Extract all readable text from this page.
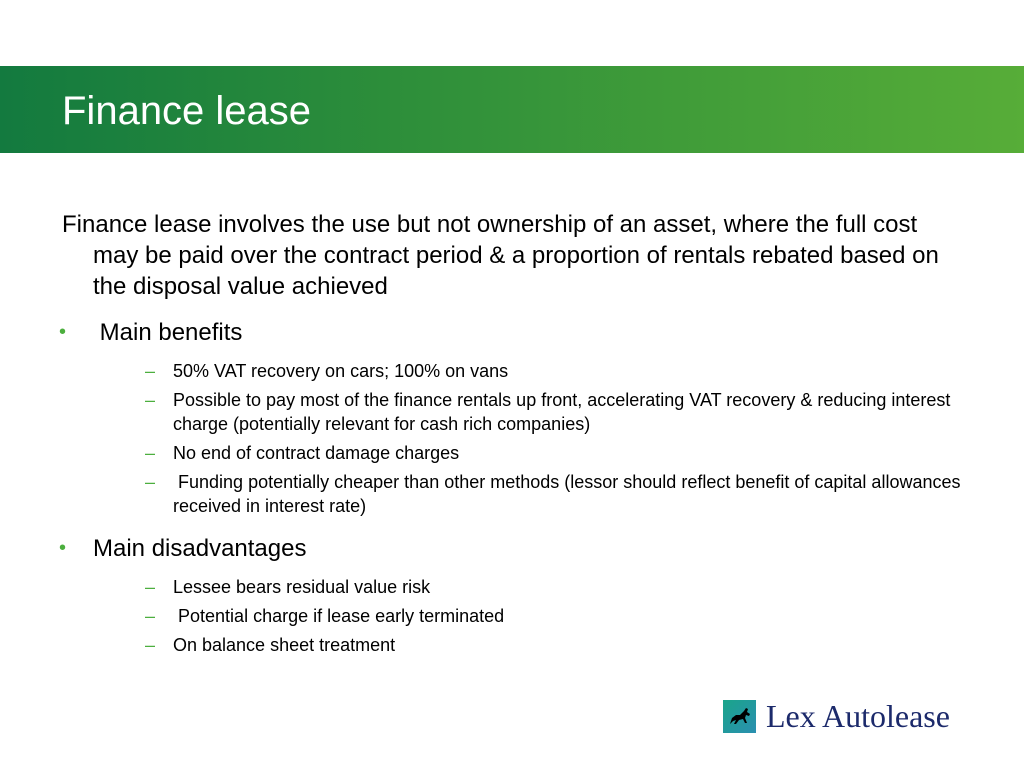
Finance lease

Finance lease involves the use but not ownership of an asset, where the full cost may be paid over the contract period & a proportion of rentals rebated based on the disposal value achieved

• Main benefits
– 50% VAT recovery on cars; 100% on vans
– Possible to pay most of the finance rentals up front, accelerating VAT recovery & reducing interest charge (potentially relevant for cash rich companies)
– No end of contract damage charges
– Funding potentially cheaper than other methods (lessor should reflect benefit of capital allowances received in interest rate)
• Main disadvantages
– Lessee bears residual value risk
– Potential charge if lease early terminated
– On balance sheet treatment
Lex Autolease
